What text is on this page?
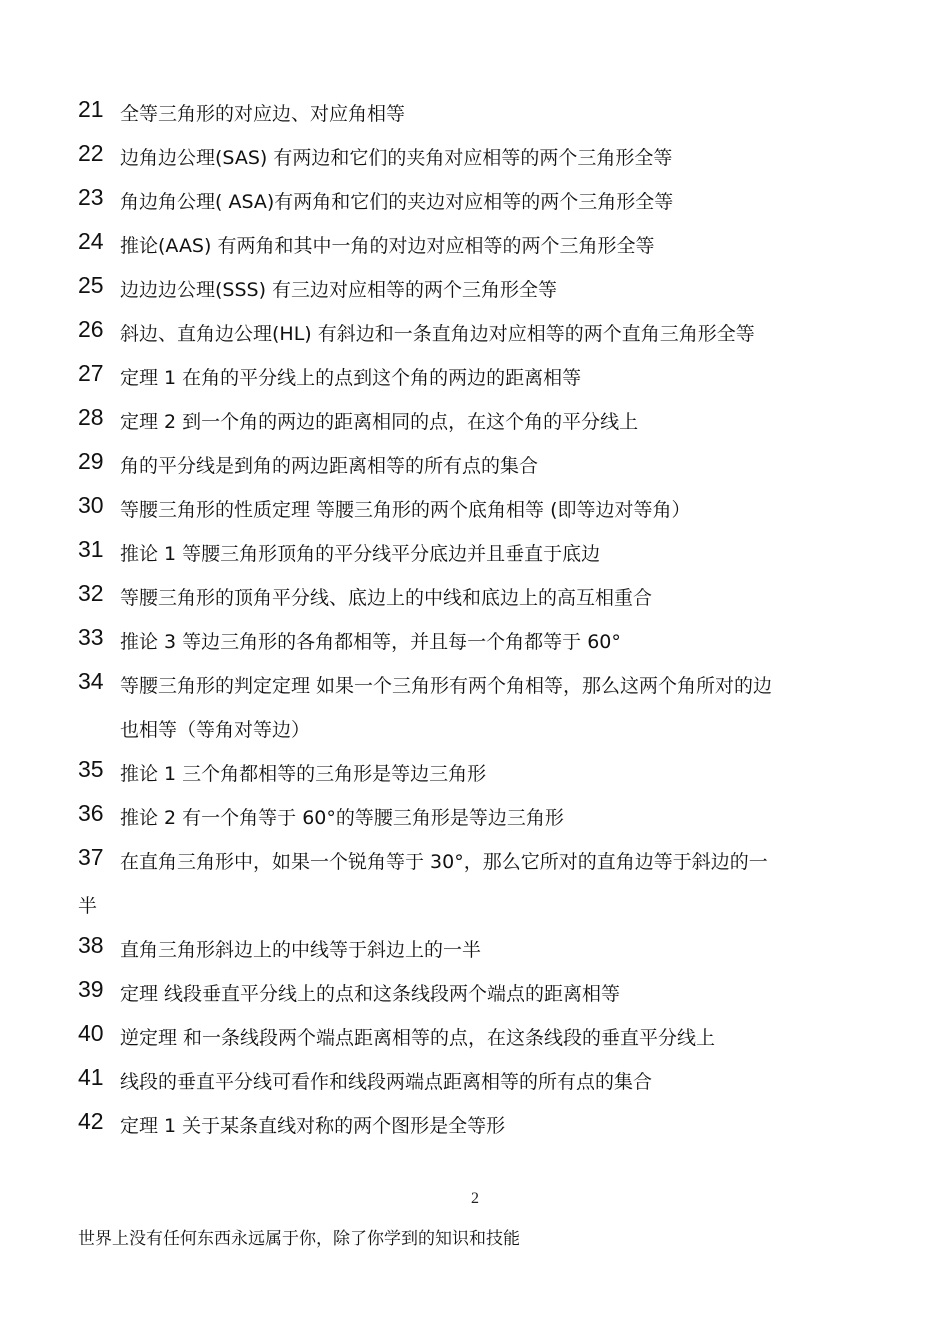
21 全等三角形的对应边、对应角相等
22 边角边公理(SAS) 有两边和它们的夹角对应相等的两个三角形全等
23 角边角公理( ASA)有两角和它们的夹边对应相等的两个三角形全等
24 推论(AAS) 有两角和其中一角的对边对应相等的两个三角形全等
25 边边边公理(SSS) 有三边对应相等的两个三角形全等
26 斜边、直角边公理(HL) 有斜边和一条直角边对应相等的两个直角三角形全等
27 定理 1 在角的平分线上的点到这个角的两边的距离相等
28 定理 2 到一个角的两边的距离相同的点，在这个角的平分线上
29 角的平分线是到角的两边距离相等的所有点的集合
30 等腰三角形的性质定理 等腰三角形的两个底角相等 (即等边对等角）
31 推论 1 等腰三角形顶角的平分线平分底边并且垂直于底边
32 等腰三角形的顶角平分线、底边上的中线和底边上的高互相重合
33 推论 3 等边三角形的各角都相等，并且每一个角都等于 60°
34 等腰三角形的判定定理 如果一个三角形有两个角相等，那么这两个角所对的边
也相等（等角对等边）
35 推论 1 三个角都相等的三角形是等边三角形
36 推论 2 有一个角等于 60°的等腰三角形是等边三角形
37 在直角三角形中，如果一个锐角等于 30°，那么它所对的直角边等于斜边的一
半
38 直角三角形斜边上的中线等于斜边上的一半
39 定理 线段垂直平分线上的点和这条线段两个端点的距离相等
40 逆定理 和一条线段两个端点距离相等的点，在这条线段的垂直平分线上
41 线段的垂直平分线可看作和线段两端点距离相等的所有点的集合
42 定理 1 关于某条直线对称的两个图形是全等形
2
世界上没有任何东西永远属于你，除了你学到的知识和技能
